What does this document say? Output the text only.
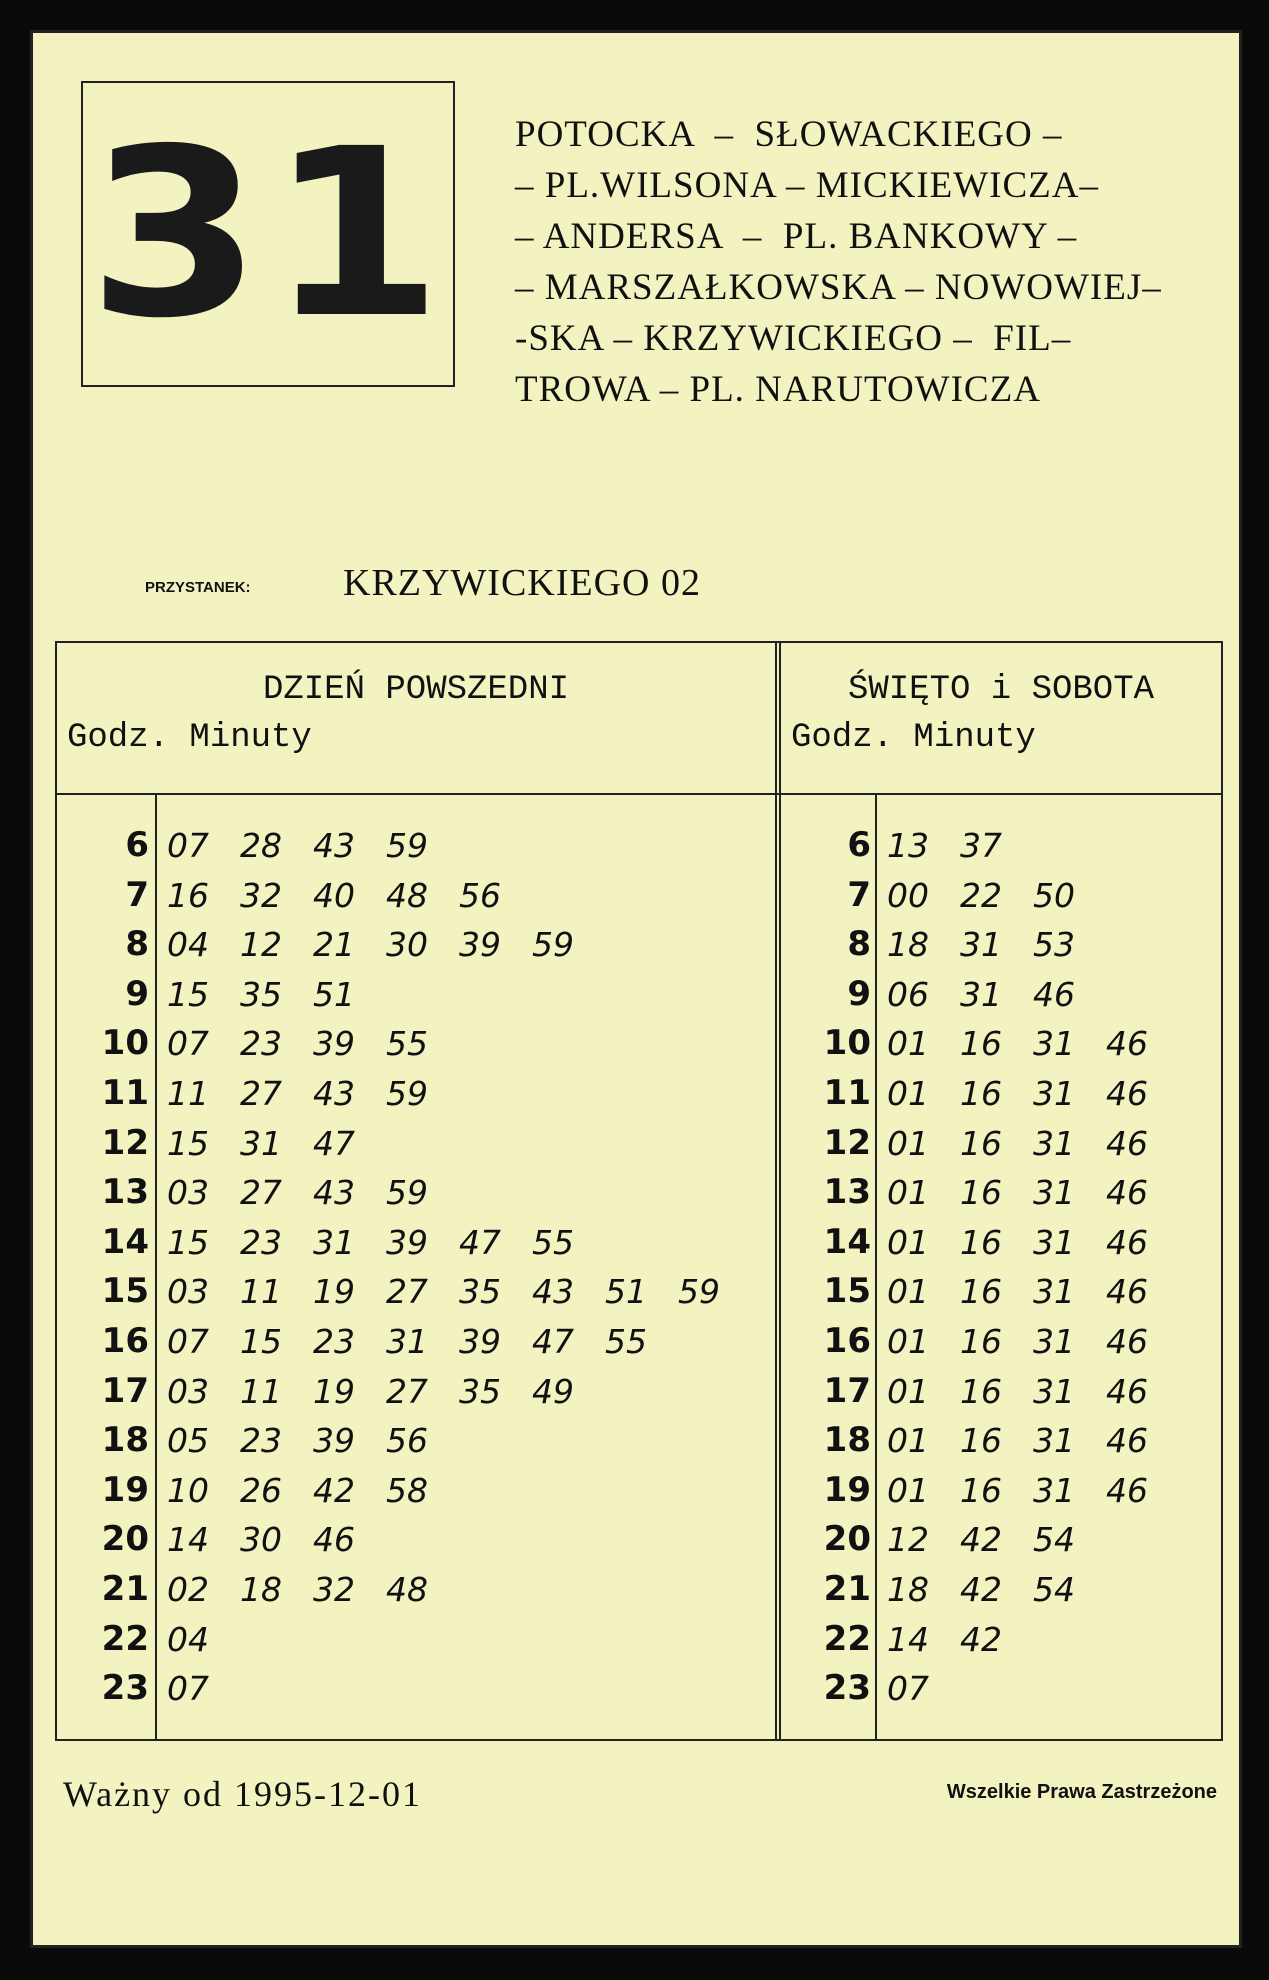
31 POTOCKA  –  SŁOWACKIEGO –
– PL.WILSONA – MICKIEWICZA–
– ANDERSA  –  PL. BANKOWY –
– MARSZAŁKOWSKA – NOWOWIEJ–
-SKA – KRZYWICKIEGO –  FIL–
TROWA – PL. NARUTOWICZA
PRZYSTANEK: KRZYWICKIEGO 02
DZIEŃ POWSZEDNI
Godz. Minuty
6 07 28 43 59
7 16 32 40 48 56
8 04 12 21 30 39 59
9 15 35 51
10 07 23 39 55
11 11 27 43 59
12 15 31 47
13 03 27 43 59
14 15 23 31 39 47 55
15 03 11 19 27 35 43 51 59
16 07 15 23 31 39 47 55
17 03 11 19 27 35 49
18 05 23 39 56
19 10 26 42 58
20 14 30 46
21 02 18 32 48
22 04
23 07
ŚWIĘTO i SOBOTA
Godz. Minuty
6 13 37
7 00 22 50
8 18 31 53
9 06 31 46
10 01 16 31 46
11 01 16 31 46
12 01 16 31 46
13 01 16 31 46
14 01 16 31 46
15 01 16 31 46
16 01 16 31 46
17 01 16 31 46
18 01 16 31 46
19 01 16 31 46
20 12 42 54
21 18 42 54
22 14 42
23 07
Ważny od 1995-12-01	Wszelkie Prawa Zastrzeżone
